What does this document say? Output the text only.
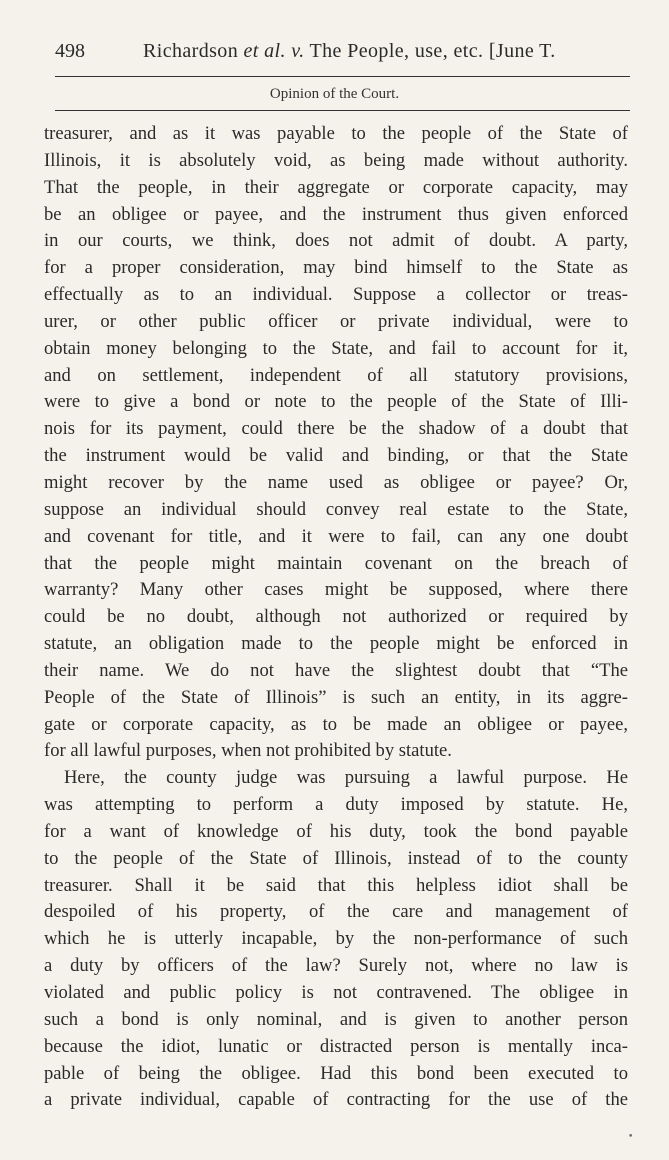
498	Richardson et al. v. The People, use, etc. [June T.
Opinion of the Court.
treasurer, and as it was payable to the people of the State of
Illinois, it is absolutely void, as being made without authority.
That the people, in their aggregate or corporate capacity, may
be an obligee or payee, and the instrument thus given enforced
in our courts, we think, does not admit of doubt. A party,
for a proper consideration, may bind himself to the State as
effectually as to an individual. Suppose a collector or treas-
urer, or other public officer or private individual, were to
obtain money belonging to the State, and fail to account for it,
and on settlement, independent of all statutory provisions,
were to give a bond or note to the people of the State of Illi-
nois for its payment, could there be the shadow of a doubt that
the instrument would be valid and binding, or that the State
might recover by the name used as obligee or payee? Or,
suppose an individual should convey real estate to the State,
and covenant for title, and it were to fail, can any one doubt
that the people might maintain covenant on the breach of
warranty? Many other cases might be supposed, where there
could be no doubt, although not authorized or required by
statute, an obligation made to the people might be enforced in
their name. We do not have the slightest doubt that “The
People of the State of Illinois” is such an entity, in its aggre-
gate or corporate capacity, as to be made an obligee or payee,
for all lawful purposes, when not prohibited by statute.
Here, the county judge was pursuing a lawful purpose. He
was attempting to perform a duty imposed by statute. He,
for a want of knowledge of his duty, took the bond payable
to the people of the State of Illinois, instead of to the county
treasurer. Shall it be said that this helpless idiot shall be
despoiled of his property, of the care and management of
which he is utterly incapable, by the non-performance of such
a duty by officers of the law? Surely not, where no law is
violated and public policy is not contravened. The obligee in
such a bond is only nominal, and is given to another person
because the idiot, lunatic or distracted person is mentally inca-
pable of being the obligee. Had this bond been executed to
a private individual, capable of contracting for the use of the
•
